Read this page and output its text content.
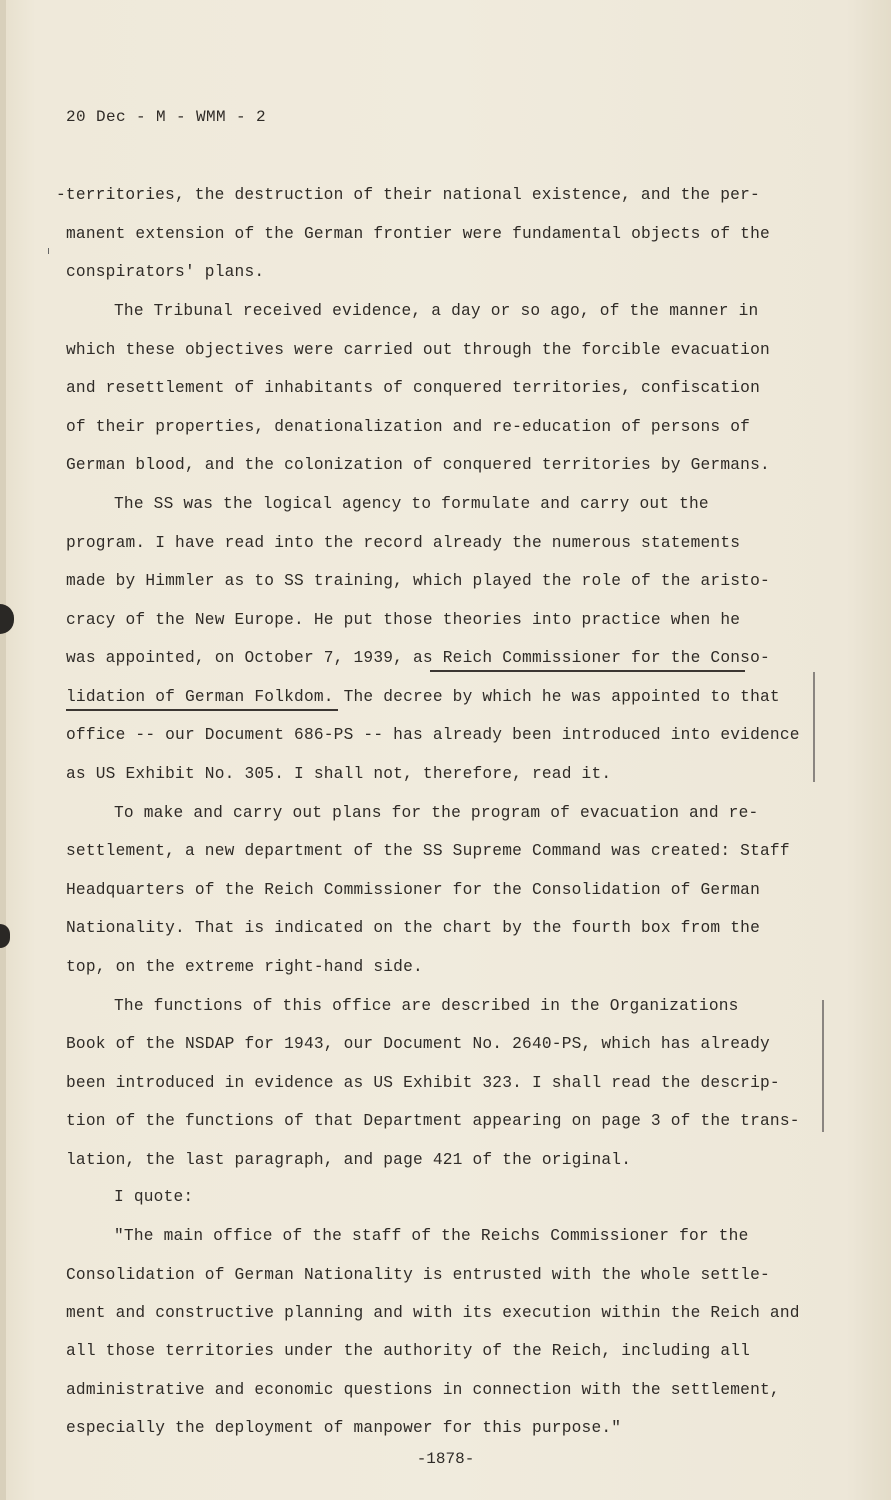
20 Dec - M - WMM - 2
-territories, the destruction of their national existence, and the per-
manent extension of the German frontier were fundamental objects of the
conspirators' plans.
The Tribunal received evidence, a day or so ago, of the manner in
which these objectives were carried out through the forcible evacuation
and resettlement of inhabitants of conquered territories, confiscation
of their properties, denationalization and re-education of persons of
German blood, and the colonization of conquered territories by Germans.
The SS was the logical agency to formulate and carry out the
program. I have read into the record already the numerous statements
made by Himmler as to SS training, which played the role of the aristo-
cracy of the New Europe. He put those theories into practice when he
was appointed, on October 7, 1939, as Reich Commissioner for the Conso-
lidation of German Folkdom. The decree by which he was appointed to that
office -- our Document 686-PS -- has already been introduced into evidence
as US Exhibit No. 305. I shall not, therefore, read it.
To make and carry out plans for the program of evacuation and re-
settlement, a new department of the SS Supreme Command was created: Staff
Headquarters of the Reich Commissioner for the Consolidation of German
Nationality. That is indicated on the chart by the fourth box from the
top, on the extreme right-hand side.
The functions of this office are described in the Organizations
Book of the NSDAP for 1943, our Document No. 2640-PS, which has already
been introduced in evidence as US Exhibit 323. I shall read the descrip-
tion of the functions of that Department appearing on page 3 of the trans-
lation, the last paragraph, and page 421 of the original.
I quote:
"The main office of the staff of the Reichs Commissioner for the
Consolidation of German Nationality is entrusted with the whole settle-
ment and constructive planning and with its execution within the Reich and
all those territories under the authority of the Reich, including all
administrative and economic questions in connection with the settlement,
especially the deployment of manpower for this purpose."
-1878-
